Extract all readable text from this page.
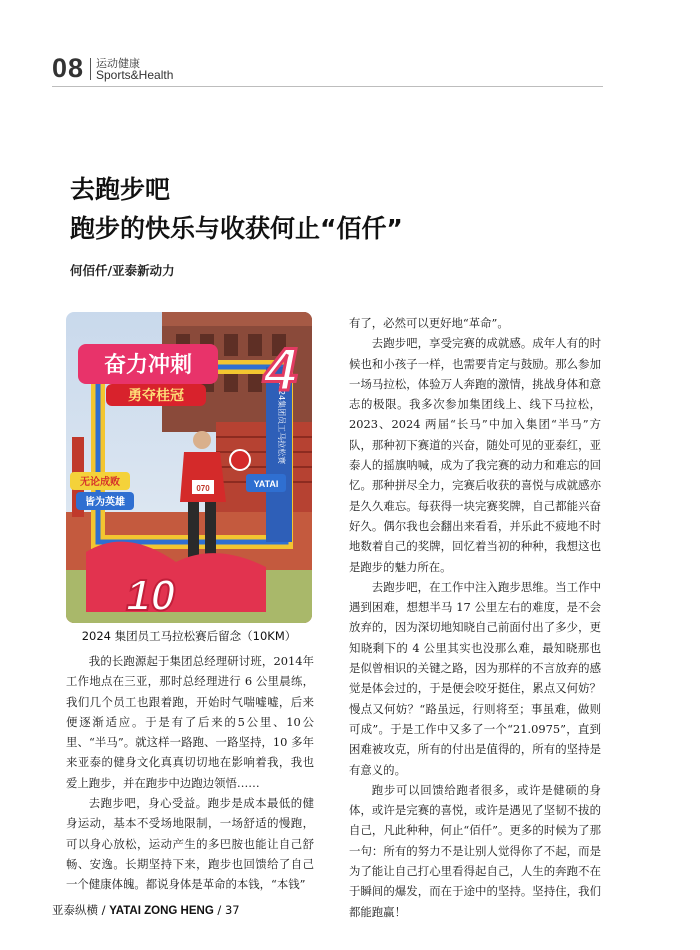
08 运动健康
Sports&Health
去跑步吧
跑步的快乐与收获何止“佰仟”
何佰仟/亚泰新动力
2024集团员工马拉松赛
4
奋力冲刺
勇夺桂冠
070
无论成败
皆为英雄
YATAI
10
2024 集团员工马拉松赛后留念（10KM）

我的长跑源起于集团总经理研讨班，2014年工作地点在三亚，那时总经理进行 6 公里晨练，我们几个员工也跟着跑，开始时气喘嘘嘘，后来便逐渐适应。于是有了后来的5公里、10公里、“半马”。就这样一路跑、一路坚持，10 多年来亚泰的健身文化真真切切地在影响着我，我也爱上跑步，并在跑步中边跑边领悟……

去跑步吧，身心受益。跑步是成本最低的健身运动，基本不受场地限制，一场舒适的慢跑，可以身心放松，运动产生的多巴胺也能让自己舒畅、安逸。长期坚持下来，跑步也回馈给了自己一个健康体魄。都说身体是革命的本钱，“本钱”

有了，必然可以更好地“革命”。

去跑步吧，享受完赛的成就感。成年人有的时候也和小孩子一样，也需要肯定与鼓励。那么参加一场马拉松，体验万人奔跑的激情，挑战身体和意志的极限。我多次参加集团线上、线下马拉松，2023、2024 两届“长马”中加入集团“半马”方队，那种初下赛道的兴奋，随处可见的亚泰红，亚泰人的摇旗呐喊，成为了我完赛的动力和难忘的回忆。那种拼尽全力，完赛后收获的喜悦与成就感亦是久久难忘。每获得一块完赛奖牌，自己都能兴奋好久。偶尔我也会翻出来看看，并乐此不疲地不时地数着自己的奖牌，回忆着当初的种种，我想这也是跑步的魅力所在。

去跑步吧，在工作中注入跑步思维。当工作中遇到困难，想想半马 17 公里左右的难度，是不会放弃的，因为深切地知晓自己前面付出了多少，更知晓剩下的 4 公里其实也没那么难，最知晓那也是似曾相识的关键之路，因为那样的不言放弃的感觉是体会过的，于是便会咬牙挺住，累点又何妨？慢点又何妨？“路虽远，行则将至；事虽难，做则可成”。于是工作中又多了一个“21.0975”，直到困难被攻克，所有的付出是值得的，所有的坚持是有意义的。

跑步可以回馈给跑者很多，或许是健硕的身体，或许是完赛的喜悦，或许是遇见了坚韧不拔的自己，凡此种种，何止“佰仟”。更多的时候为了那一句：所有的努力不是让别人觉得你了不起，而是为了能让自己打心里看得起自己，人生的奔跑不在于瞬间的爆发，而在于途中的坚持。坚持住，我们都能跑赢！

亚泰纵横 / YATAI ZONG HENG / 37
